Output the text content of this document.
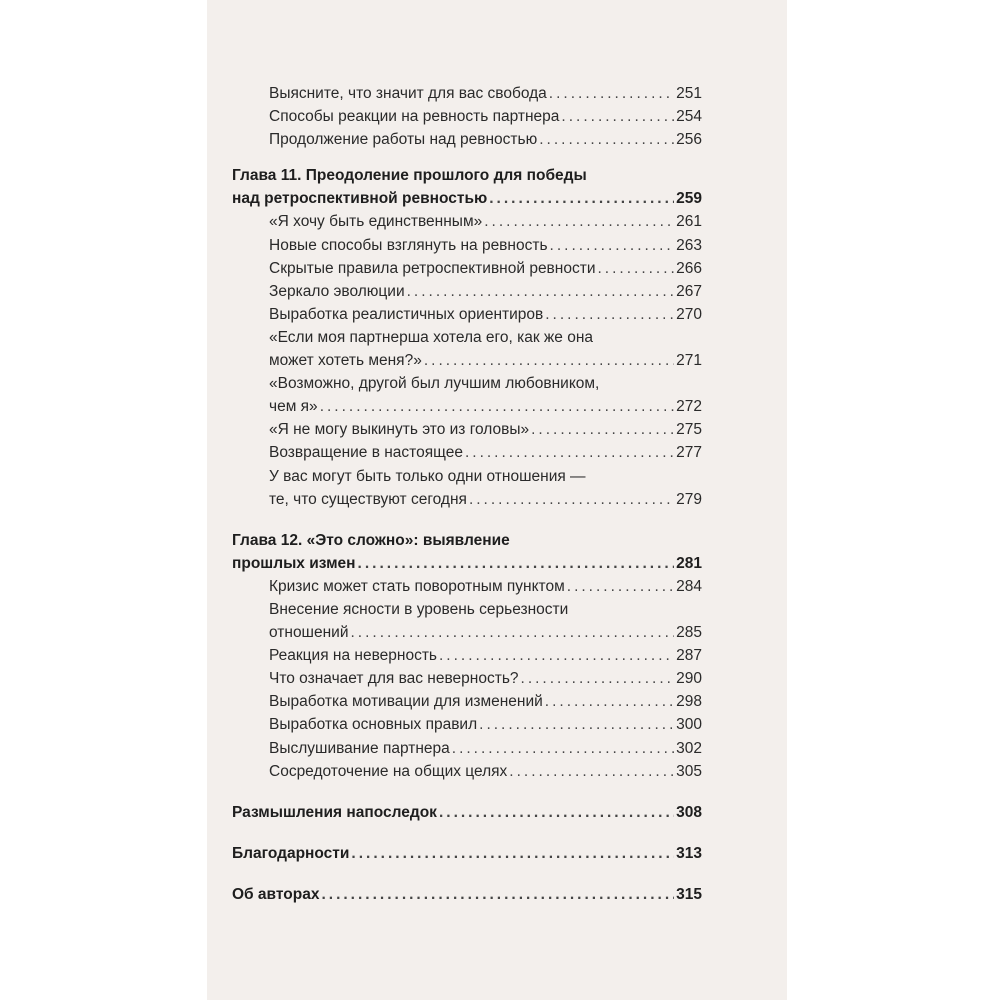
Выясните, что значит для вас свобода .....	251
Способы реакции на ревность партнера .....	254
Продолжение работы над ревностью .....	256
Глава 11. Преодоление прошлого для победы
над ретроспективной ревностью .....	259
«Я хочу быть единственным» .....	261
Новые способы взглянуть на ревность .....	263
Скрытые правила ретроспективной ревности .....	266
Зеркало эволюции .....	267
Выработка реалистичных ориентиров .....	270
«Если моя партнерша хотела его, как же она
может хотеть меня?» .....	271
«Возможно, другой был лучшим любовником,
чем я» .....	272
«Я не могу выкинуть это из головы» .....	275
Возвращение в настоящее .....	277
У вас могут быть только одни отношения —
те, что существуют сегодня .....	279
Глава 12. «Это сложно»: выявление
прошлых измен .....	281
Кризис может стать поворотным пунктом .....	284
Внесение ясности в уровень серьезности
отношений .....	285
Реакция на неверность .....	287
Что означает для вас неверность? .....	290
Выработка мотивации для изменений .....	298
Выработка основных правил .....	300
Выслушивание партнера .....	302
Сосредоточение на общих целях .....	305
Размышления напоследок .....	308
Благодарности .....	313
Об авторах .....	315
